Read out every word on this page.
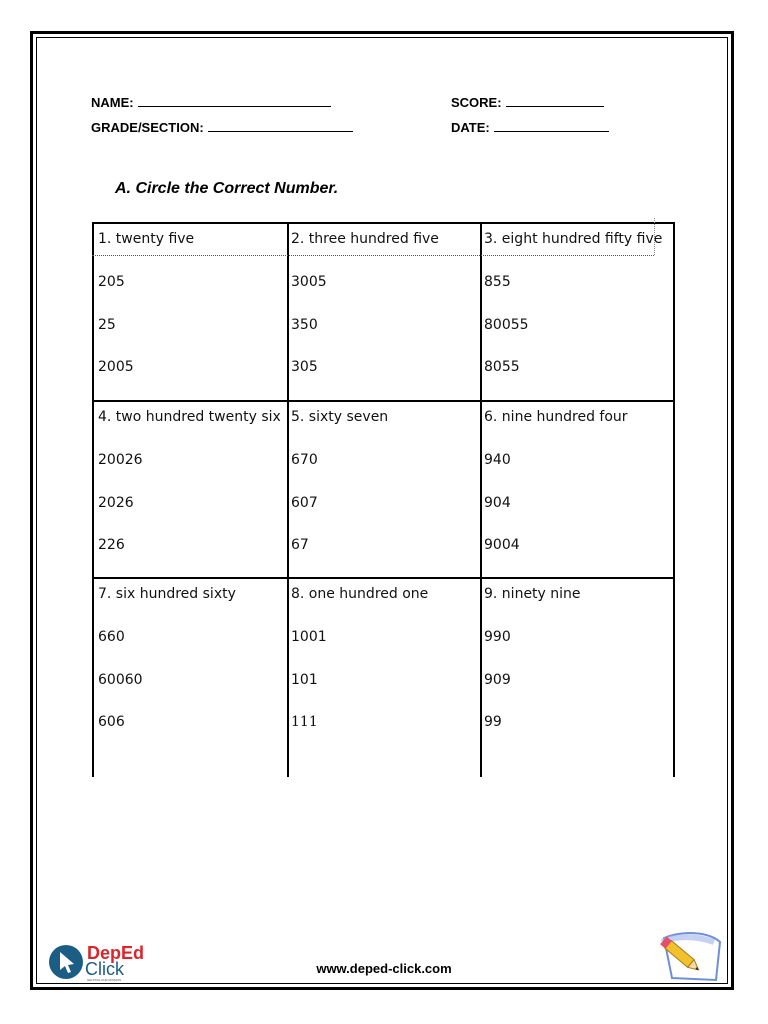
NAME:	SCORE:
GRADE/SECTION:	DATE:
A. Circle the Correct Number.
1. twenty five
205
25
2005
2. three hundred five
3005
350
305
3. eight hundred fifty five
855
80055
8055
4. two hundred twenty six
20026
2026
226
5. sixty seven
670
607
67
6. nine hundred four
940
904
9004
7. six hundred sixty
660
60060
606
8. one hundred one
1001
101
111
9. ninety nine
990
909
99
DepEd
Click
HELPING OUR MISSION
www.deped-click.com
